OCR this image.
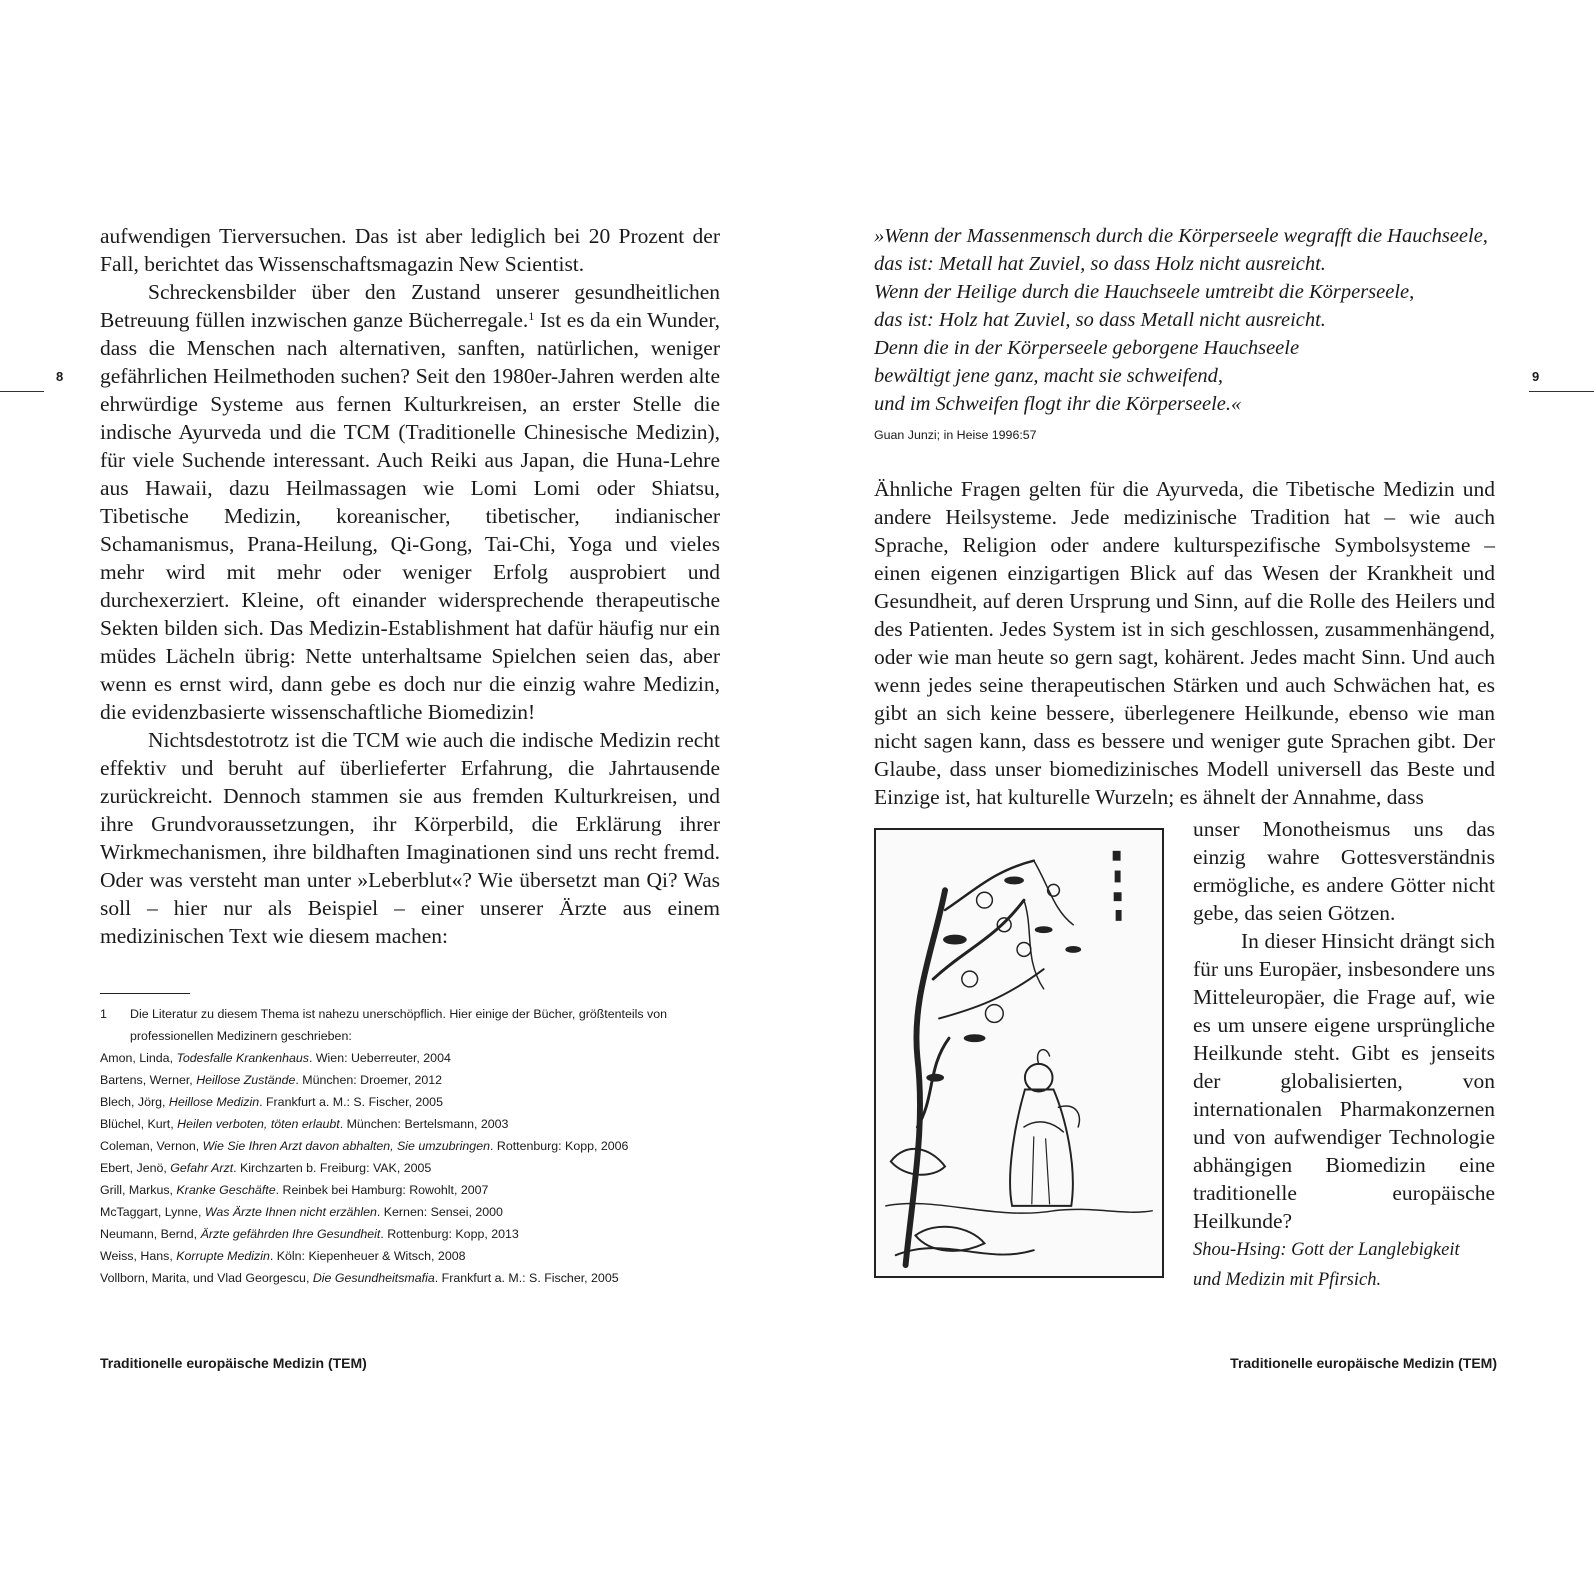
8

aufwendigen Tierversuchen. Das ist aber lediglich bei 20 Prozent der Fall, berichtet das Wissenschaftsmagazin New Scientist.

Schreckensbilder über den Zustand unserer gesundheitlichen Betreuung füllen inzwischen ganze Bücherregale.$^1$ Ist es da ein Wunder, dass die Menschen nach alternativen, sanften, natürlichen, weniger gefährlichen Heilmethoden suchen? Seit den 1980er-Jahren werden alte ehrwürdige Systeme aus fernen Kulturkreisen, an erster Stelle die indische Ayurveda und die TCM (Traditionelle Chinesische Medizin), für viele Suchende interessant. Auch Reiki aus Japan, die Huna-Lehre aus Hawaii, dazu Heilmassagen wie Lomi Lomi oder Shiatsu, Tibetische Medizin, koreanischer, tibetischer, indianischer Schamanismus, Prana-Heilung, Qi-Gong, Tai-Chi, Yoga und vieles mehr wird mit mehr oder weniger Erfolg ausprobiert und durchexerziert. Kleine, oft einander widersprechende therapeutische Sekten bilden sich. Das Medizin-Establishment hat dafür häufig nur ein müdes Lächeln übrig: Nette unterhaltsame Spielchen seien das, aber wenn es ernst wird, dann gebe es doch nur die einzig wahre Medizin, die evidenzbasierte wissenschaftliche Biomedizin!

Nichtsdestotrotz ist die TCM wie auch die indische Medizin recht effektiv und beruht auf überlieferter Erfahrung, die Jahrtausende zurückreicht. Dennoch stammen sie aus fremden Kulturkreisen, und ihre Grundvoraussetzungen, ihr Körperbild, die Erklärung ihrer Wirkmechanismen, ihre bildhaften Imaginationen sind uns recht fremd. Oder was versteht man unter »Leberblut«? Wie übersetzt man Qi? Was soll – hier nur als Beispiel – einer unserer Ärzte aus einem medizinischen Text wie diesem machen:

1	Die Literatur zu diesem Thema ist nahezu unerschöpflich. Hier einige der Bücher, größtenteils von professionellen Medizinern geschrieben:
Amon, Linda, Todesfalle Krankenhaus. Wien: Ueberreuter, 2004
Bartens, Werner, Heillose Zustände. München: Droemer, 2012
Blech, Jörg, Heillose Medizin. Frankfurt a. M.: S. Fischer, 2005
Blüchel, Kurt, Heilen verboten, töten erlaubt. München: Bertelsmann, 2003
Coleman, Vernon, Wie Sie Ihren Arzt davon abhalten, Sie umzubringen. Rottenburg: Kopp, 2006
Ebert, Jenö, Gefahr Arzt. Kirchzarten b. Freiburg: VAK, 2005
Grill, Markus, Kranke Geschäfte. Reinbek bei Hamburg: Rowohlt, 2007
McTaggart, Lynne, Was Ärzte Ihnen nicht erzählen. Kernen: Sensei, 2000
Neumann, Bernd, Ärzte gefährden Ihre Gesundheit. Rottenburg: Kopp, 2013
Weiss, Hans, Korrupte Medizin. Köln: Kiepenheuer & Witsch, 2008
Vollborn, Marita, und Vlad Georgescu, Die Gesundheitsmafia. Frankfurt a. M.: S. Fischer, 2005
Traditionelle europäische Medizin (TEM)
9
»Wenn der Massenmensch durch die Körperseele wegrafft die Hauchseele,
das ist: Metall hat Zuviel, so dass Holz nicht ausreicht.
Wenn der Heilige durch die Hauchseele umtreibt die Körperseele,
das ist: Holz hat Zuviel, so dass Metall nicht ausreicht.
Denn die in der Körperseele geborgene Hauchseele
bewältigt jene ganz, macht sie schweifend,
und im Schweifen flogt ihr die Körperseele.«
Guan Junzi; in Heise 1996:57

Ähnliche Fragen gelten für die Ayurveda, die Tibetische Medizin und andere Heilsysteme. Jede medizinische Tradition hat – wie auch Sprache, Religion oder andere kulturspezifische Symbolsysteme – einen eigenen einzigartigen Blick auf das Wesen der Krankheit und Gesundheit, auf deren Ursprung und Sinn, auf die Rolle des Heilers und des Patienten. Jedes System ist in sich geschlossen, zusammenhängend, oder wie man heute so gern sagt, kohärent. Jedes macht Sinn. Und auch wenn jedes seine therapeutischen Stärken und auch Schwächen hat, es gibt an sich keine bessere, überlegenere Heilkunde, ebenso wie man nicht sagen kann, dass es bessere und weniger gute Sprachen gibt. Der Glaube, dass unser biomedizinisches Modell universell das Beste und Einzige ist, hat kulturelle Wurzeln; es ähnelt der Annahme, dass

unser Monotheismus uns das einzig wahre Gottesverständnis ermögliche, es andere Götter nicht gebe, das seien Götzen.

In dieser Hinsicht drängt sich für uns Europäer, insbesondere uns Mitteleuropäer, die Frage auf, wie es um unsere eigene ursprüngliche Heilkunde steht. Gibt es jenseits der globalisierten, von internationalen Pharmakonzernen und von aufwendiger Technologie abhängigen Biomedizin eine traditionelle europäische Heilkunde?

Shou-Hsing: Gott der Langlebigkeit
und Medizin mit Pfirsich.
Traditionelle europäische Medizin (TEM)
